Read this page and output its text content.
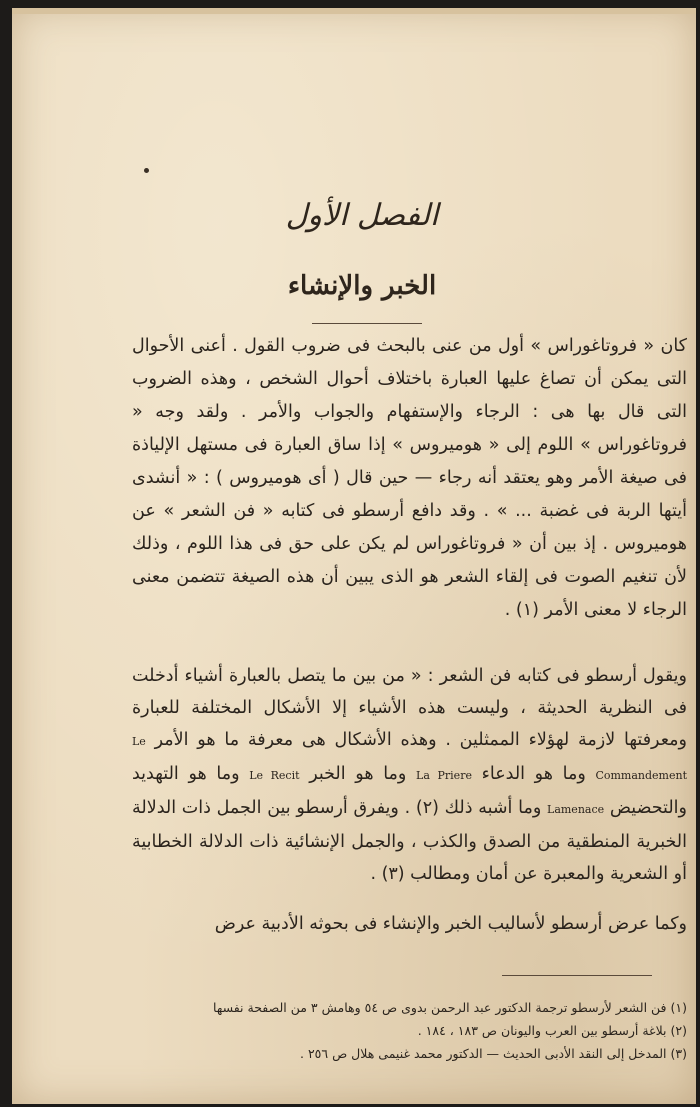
الفصل الأول
الخبر والإنشاء
كان « فروتاغوراس » أول من عنى بالبحث فى ضروب القول . أعنى الأحوال التى يمكن أن تصاغ عليها العبارة باختلاف أحوال الشخص ، وهذه الضروب التى قال بها هى : الرجاء والإستفهام والجواب والأمر . ولقد وجه « فروتاغوراس » اللوم إلى « هوميروس » إذا ساق العبارة فى مستهل الإلياذة فى صيغة الأمر وهو يعتقد أنه رجاء — حين قال ( أى هوميروس ) : « أنشدى أيتها الربة فى غضبة ... » . وقد دافع أرسطو فى كتابه « فن الشعر » عن هوميروس . إذ بين أن « فروتاغوراس لم يكن على حق فى هذا اللوم ، وذلك لأن تنغيم الصوت فى إلقاء الشعر هو الذى يبين أن هذه الصيغة تتضمن معنى الرجاء لا معنى الأمر (١) .
ويقول أرسطو فى كتابه فن الشعر : « من بين ما يتصل بالعبارة أشياء أدخلت فى النظرية الحديثة ، وليست هذه الأشياء إلا الأشكال المختلفة للعبارة ومعرفتها لازمة لهؤلاء الممثلين . وهذه الأشكال هى معرفة ما هو الأمر Le Commandement وما هو الدعاء La Priere وما هو الخبر Le Recit وما هو التهديد والتحضيض Lamenace وما أشبه ذلك (٢) . ويفرق أرسطو بين الجمل ذات الدلالة الخبرية المنطقية من الصدق والكذب ، والجمل الإنشائية ذات الدلالة الخطابية أو الشعرية والمعبرة عن أمان ومطالب (٣) .
وكما عرض أرسطو لأساليب الخبر والإنشاء فى بحوثه الأدبية عرض
(١) فن الشعر لأرسطو ترجمة الدكتور عبد الرحمن بدوى ص ٥٤ وهامش ٣ من الصفحة نفسها
(٢) بلاغة أرسطو بين العرب واليونان ص ١٨٣ ، ١٨٤ .
(٣) المدخل إلى النقد الأدبى الحديث — الدكتور محمد غنيمى هلال ص ٢٥٦ .
